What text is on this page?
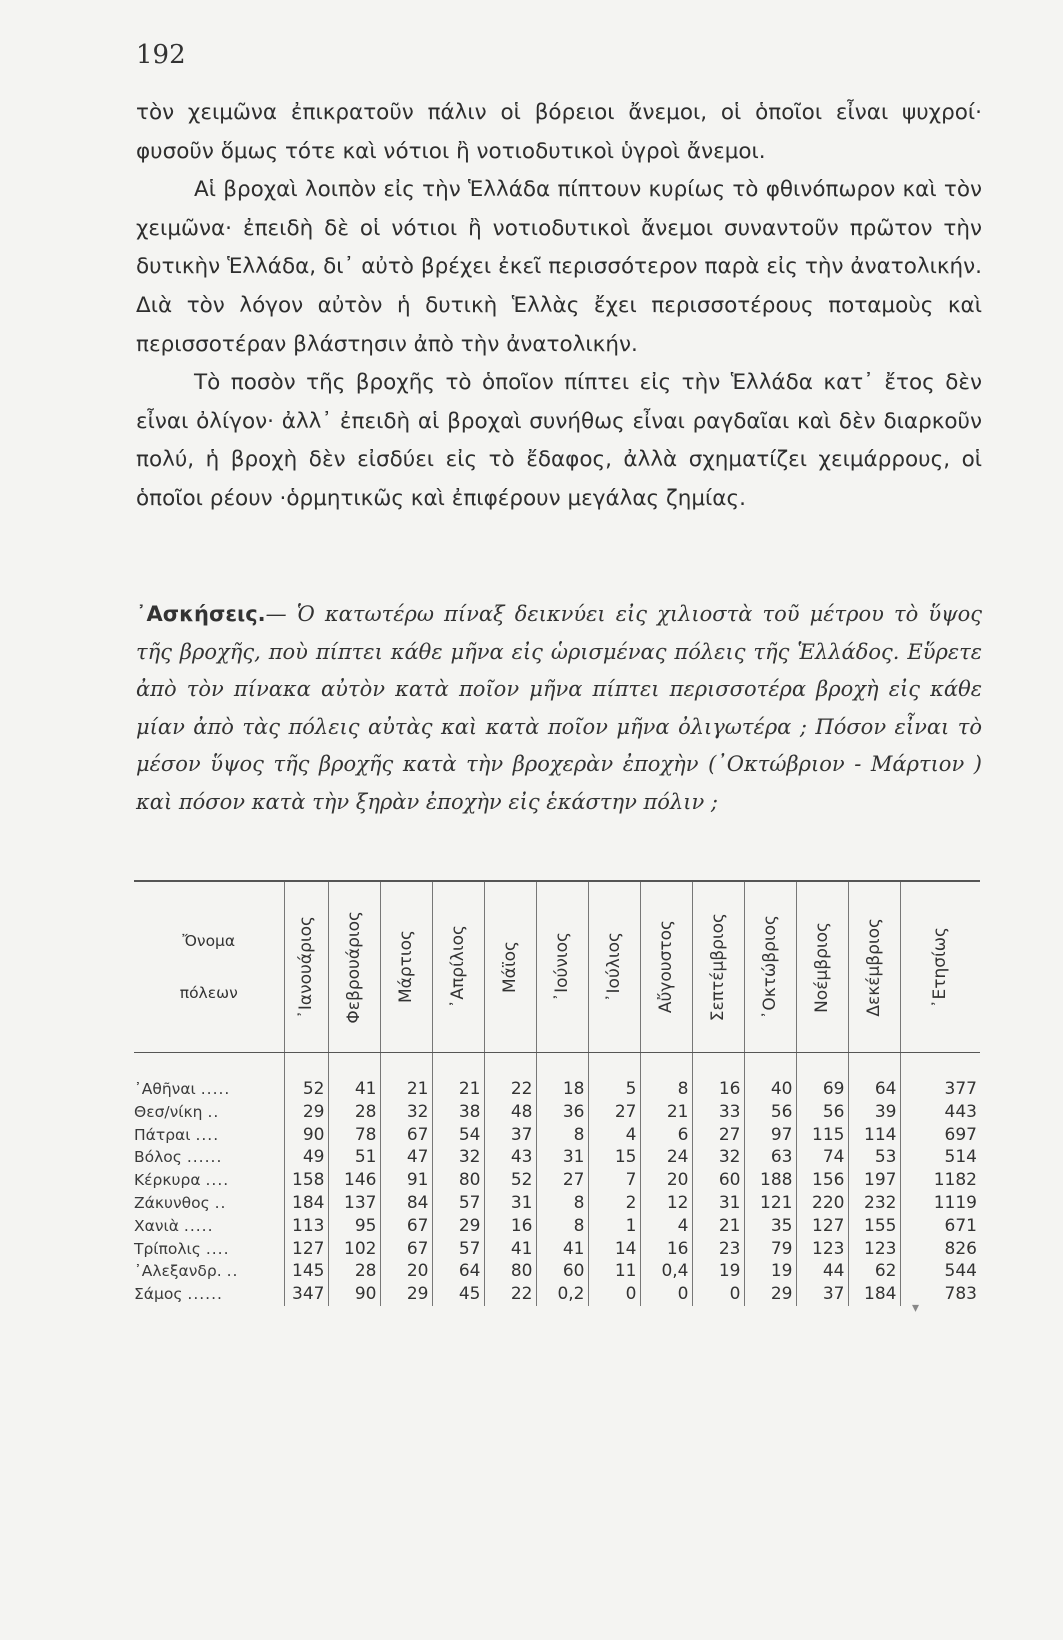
192

τὸν χειμῶνα ἐπικρατοῦν πάλιν οἱ βόρειοι ἄνεμοι, οἱ ὁποῖοι εἶναι ψυχροί· φυσοῦν ὅμως τότε καὶ νότιοι ἢ νοτιοδυτικοὶ ὑγροὶ ἄνεμοι.

Αἱ βροχαὶ λοιπὸν εἰς τὴν Ἑλλάδα πίπτουν κυρίως τὸ φθινόπωρον καὶ τὸν χειμῶνα· ἐπειδὴ δὲ οἱ νότιοι ἢ νοτιοδυτικοὶ ἄνεμοι συναντοῦν πρῶτον τὴν δυτικὴν Ἑλλάδα, δι᾿ αὐτὸ βρέχει ἐκεῖ περισσότερον παρὰ εἰς τὴν ἀνατολικήν. Διὰ τὸν λόγον αὐτὸν ἡ δυτικὴ Ἑλλὰς ἔχει περισσοτέρους ποταμοὺς καὶ περισσοτέραν βλάστησιν ἀπὸ τὴν ἀνατολικήν.

Τὸ ποσὸν τῆς βροχῆς τὸ ὁποῖον πίπτει εἰς τὴν Ἑλλάδα κατ᾿ ἔτος δὲν εἶναι ὀλίγον· ἀλλ᾿ ἐπειδὴ αἱ βροχαὶ συνήθως εἶναι ραγδαῖαι καὶ δὲν διαρκοῦν πολύ, ἡ βροχὴ δὲν εἰσδύει εἰς τὸ ἔδαφος, ἀλλὰ σχηματίζει χειμάρρους, οἱ ὁποῖοι ρέουν ·ὁρμητικῶς καὶ ἐπιφέρουν μεγάλας ζημίας.

᾿Ασκήσεις.— Ὁ κατωτέρω πίναξ δεικνύει εἰς χιλιοστὰ τοῦ μέτρου τὸ ὕψος τῆς βροχῆς, ποὺ πίπτει κάθε μῆνα εἰς ὡρισμένας πόλεις τῆς Ἑλλάδος. Εὕρετε ἀπὸ τὸν πίνακα αὐτὸν κατὰ ποῖον μῆνα πίπτει περισσοτέρα βροχὴ εἰς κάθε μίαν ἀπὸ τὰς πόλεις αὐτὰς καὶ κατὰ ποῖον μῆνα ὀλιγωτέρα ; Πόσον εἶναι τὸ μέσον ὕψος τῆς βροχῆς κατὰ τὴν βροχερὰν ἐποχὴν (᾿Οκτώβριον - Μάρτιον ) καὶ πόσον κατὰ τὴν ξηρὰν ἐποχὴν εἰς ἑκάστην πόλιν ;
Ὄνομα
πόλεων	᾿Ιανουάριος	Φεβρουάριος	Μάρτιος	᾿Απρίλιος	Μάϊος	᾿Ιούνιος	᾿Ιούλιος	Αὔγουστος	Σεπτέμβριος	᾿Οκτώβριος	Νοέμβριος	Δεκέμβριος	᾿Ετησίως

᾿Αθῆναι .....	52	41	21	21	22	18	5	8	16	40	69	64	377
Θεσ/νίκη ..	29	28	32	38	48	36	27	21	33	56	56	39	443
Πάτραι ....	90	78	67	54	37	8	4	6	27	97	115	114	697
Βόλος ......	49	51	47	32	43	31	15	24	32	63	74	53	514
Κέρκυρα ....	158	146	91	80	52	27	7	20	60	188	156	197	1182
Ζάκυνθος ..	184	137	84	57	31	8	2	12	31	121	220	232	1119
Χανιὰ .....	113	95	67	29	16	8	1	4	21	35	127	155	671
Τρίπολις ....	127	102	67	57	41	41	14	16	23	79	123	123	826
᾿Αλεξανδρ. ..	145	28	20	64	80	60	11	0,4	19	19	44	62	544
Σάμος ......	347	90	29	45	22	0,2	0	0	0	29	37	184	783
▾
